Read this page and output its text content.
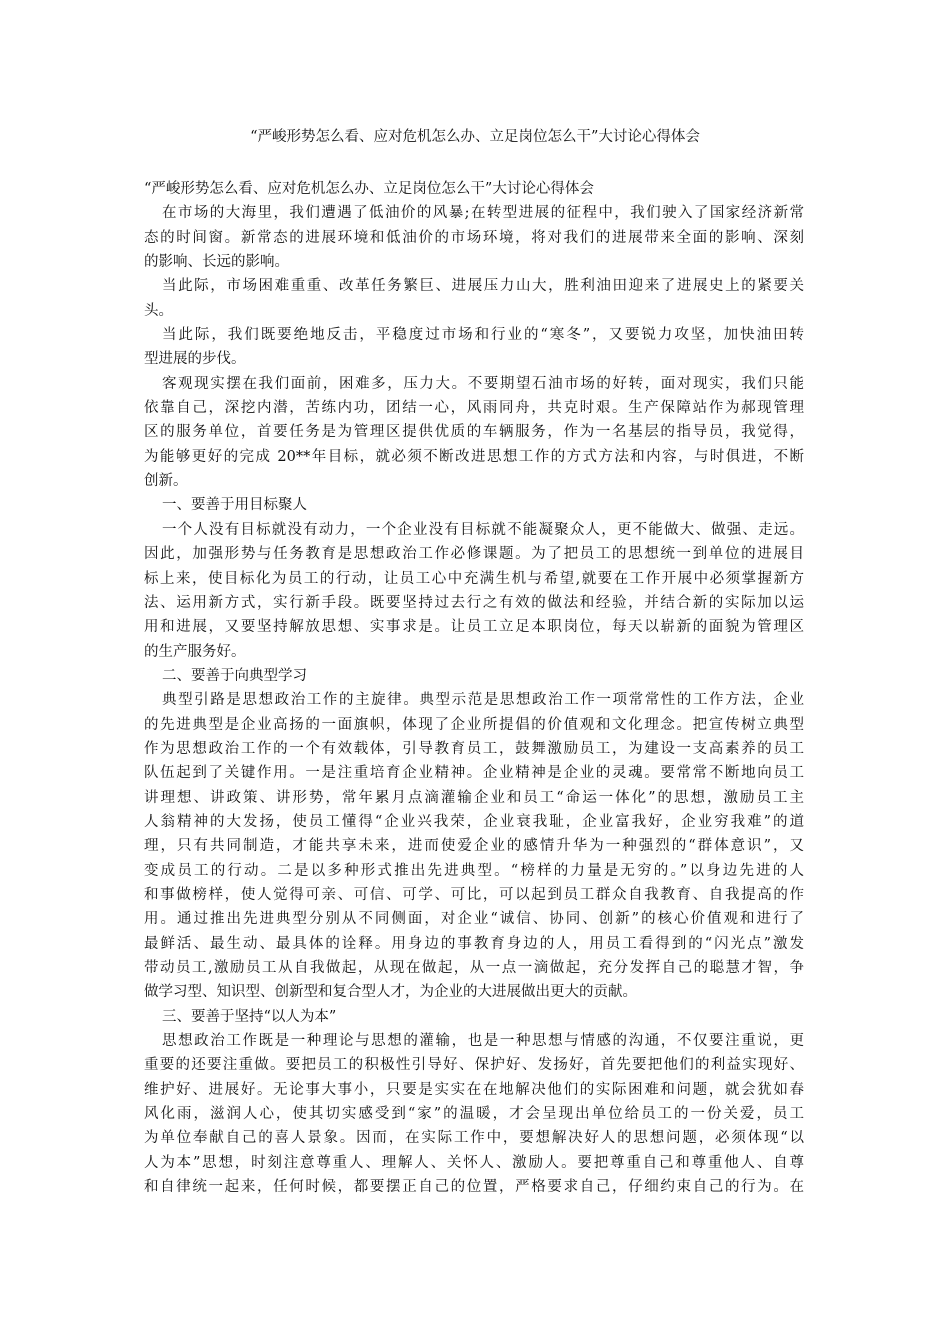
“严峻形势怎么看、应对危机怎么办、立足岗位怎么干”大讨论心得体会
“严峻形势怎么看、应对危机怎么办、立足岗位怎么干”大讨论心得体会
在市场的大海里，我们遭遇了低油价的风暴;在转型进展的征程中，我们驶入了国家经济新常
态的时间窗。新常态的进展环境和低油价的市场环境，将对我们的进展带来全面的影响、深刻
的影响、长远的影响。
当此际，市场困难重重、改革任务繁巨、进展压力山大，胜利油田迎来了进展史上的紧要关
头。
当此际，我们既要绝地反击，平稳度过市场和行业的“寒冬”，又要锐力攻坚，加快油田转
型进展的步伐。
客观现实摆在我们面前，困难多，压力大。不要期望石油市场的好转，面对现实，我们只能
依靠自己，深挖内潜，苦练内功，团结一心，风雨同舟，共克时艰。生产保障站作为郝现管理
区的服务单位，首要任务是为管理区提供优质的车辆服务，作为一名基层的指导员，我觉得，
为能够更好的完成 20**年目标，就必须不断改进思想工作的方式方法和内容，与时俱进，不断
创新。
一、要善于用目标聚人
一个人没有目标就没有动力，一个企业没有目标就不能凝聚众人，更不能做大、做强、走远。
因此，加强形势与任务教育是思想政治工作必修课题。为了把员工的思想统一到单位的进展目
标上来，使目标化为员工的行动，让员工心中充满生机与希望,就要在工作开展中必须掌握新方
法、运用新方式，实行新手段。既要坚持过去行之有效的做法和经验，并结合新的实际加以运
用和进展，又要坚持解放思想、实事求是。让员工立足本职岗位，每天以崭新的面貌为管理区
的生产服务好。
二、要善于向典型学习
典型引路是思想政治工作的主旋律。典型示范是思想政治工作一项常常性的工作方法，企业
的先进典型是企业高扬的一面旗帜，体现了企业所提倡的价值观和文化理念。把宣传树立典型
作为思想政治工作的一个有效载体，引导教育员工，鼓舞激励员工，为建设一支高素养的员工
队伍起到了关键作用。一是注重培育企业精神。企业精神是企业的灵魂。要常常不断地向员工
讲理想、讲政策、讲形势，常年累月点滴灌输企业和员工“命运一体化”的思想，激励员工主
人翁精神的大发扬，使员工懂得“企业兴我荣，企业衰我耻，企业富我好，企业穷我难”的道
理，只有共同制造，才能共享未来，进而使爱企业的感情升华为一种强烈的“群体意识”，又
变成员工的行动。二是以多种形式推出先进典型。“榜样的力量是无穷的。”以身边先进的人
和事做榜样，使人觉得可亲、可信、可学、可比，可以起到员工群众自我教育、自我提高的作
用。通过推出先进典型分别从不同侧面，对企业“诚信、协同、创新”的核心价值观和进行了
最鲜活、最生动、最具体的诠释。用身边的事教育身边的人，用员工看得到的“闪光点”激发
带动员工,激励员工从自我做起，从现在做起，从一点一滴做起，充分发挥自己的聪慧才智，争
做学习型、知识型、创新型和复合型人才，为企业的大进展做出更大的贡献。
三、要善于坚持“以人为本”
思想政治工作既是一种理论与思想的灌输，也是一种思想与情感的沟通，不仅要注重说，更
重要的还要注重做。要把员工的积极性引导好、保护好、发扬好，首先要把他们的利益实现好、
维护好、进展好。无论事大事小，只要是实实在在地解决他们的实际困难和问题，就会犹如春
风化雨，滋润人心，使其切实感受到“家”的温暖，才会呈现出单位给员工的一份关爱，员工
为单位奉献自己的喜人景象。因而，在实际工作中，要想解决好人的思想问题，必须体现“以
人为本”思想，时刻注意尊重人、理解人、关怀人、激励人。要把尊重自己和尊重他人、自尊
和自律统一起来，任何时候，都要摆正自己的位置，严格要求自己，仔细约束自己的行为。在
